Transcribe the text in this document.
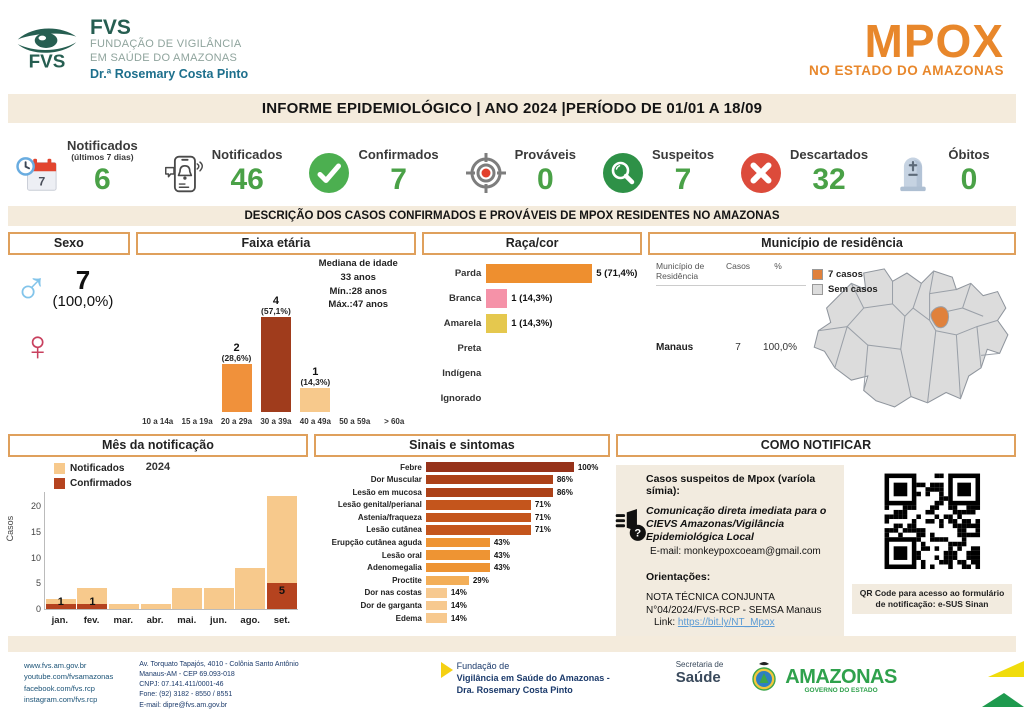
FVS
FVS
FUNDAÇÃO DE VIGILÂNCIA
EM SAÚDE DO AMAZONAS
Dr.ª Rosemary Costa Pinto
MPOX
NO ESTADO DO AMAZONAS
INFORME EPIDEMIOLÓGICO | ANO 2024 |PERÍODO DE 01/01 A 18/09
7
Notificados
(últimos 7 dias)
6
Notificados
46
Confirmados
7
Prováveis
0
Suspeitos
7
Descartados
32
Óbitos
0
DESCRIÇÃO DOS CASOS CONFIRMADOS E PROVÁVEIS DE MPOX RESIDENTES NO AMAZONAS
Sexo
♂	7
(100,0%)
♀
Faixa etária
Mediana de idade
33 anos
Mín.:28 anos
Máx.:47 anos
2
(28,6%)
4
(57,1%)
1
(14,3%)
10 a 14a	15 a 19a	20 a 29a	30 a 39a	40 a 49a	50 a 59a	> 60a
Raça/cor
Parda	5 (71,4%)
Branca	1 (14,3%)
Amarela	1 (14,3%)
Preta
Indígena
Ignorado
Município de residência
Município de Residência
Casos	%
Manaus	7	100,0%
7 casos
Sem casos
Mês da notificação
2024
Notificados
Confirmados
Casos
0
5
10
15
20
1	1
5
jan.	fev.	mar.	abr.	mai.	jun.	ago.	set.
Sinais e sintomas
Febre	100%
Dor Muscular	86%
Lesão em mucosa	86%
Lesão genital/perianal	71%
Astenia/fraqueza	71%
Lesão cutânea	71%
Erupção cutânea aguda	43%
Lesão oral	43%
Adenomegalia	43%
Proctite	29%
Dor nas costas	14%
Dor de garganta	14%
Edema	14%
COMO NOTIFICAR
?
Casos suspeitos de Mpox (varíola símia):
Comunicação direta imediata para o CIEVS Amazonas/Vigilância Epidemiológica Local
E-mail: monkeypoxcoeam@gmail.com
Orientações:
NOTA TÉCNICA CONJUNTA
N°04/2024/FVS-RCP - SEMSA Manaus
Link: https://bit.ly/NT_Mpox
QR Code para acesso ao formulário de notificação: e-SUS Sinan
www.fvs.am.gov.br
youtube.com/fvsamazonas
facebook.com/fvs.rcp
instagram.com/fvs.rcp
Av. Torquato Tapajós, 4010 - Colônia Santo Antônio
Manaus-AM - CEP 69.093-018
CNPJ: 07.141.411/0001-46
Fone: (92) 3182 - 8550 / 8551
E-mail: dipre@fvs.am.gov.br
Fundação de
Vigilância em Saúde do Amazonas -
Dra. Rosemary Costa Pinto
Secretaria de
Saúde	AMAZONAS
GOVERNO DO ESTADO
